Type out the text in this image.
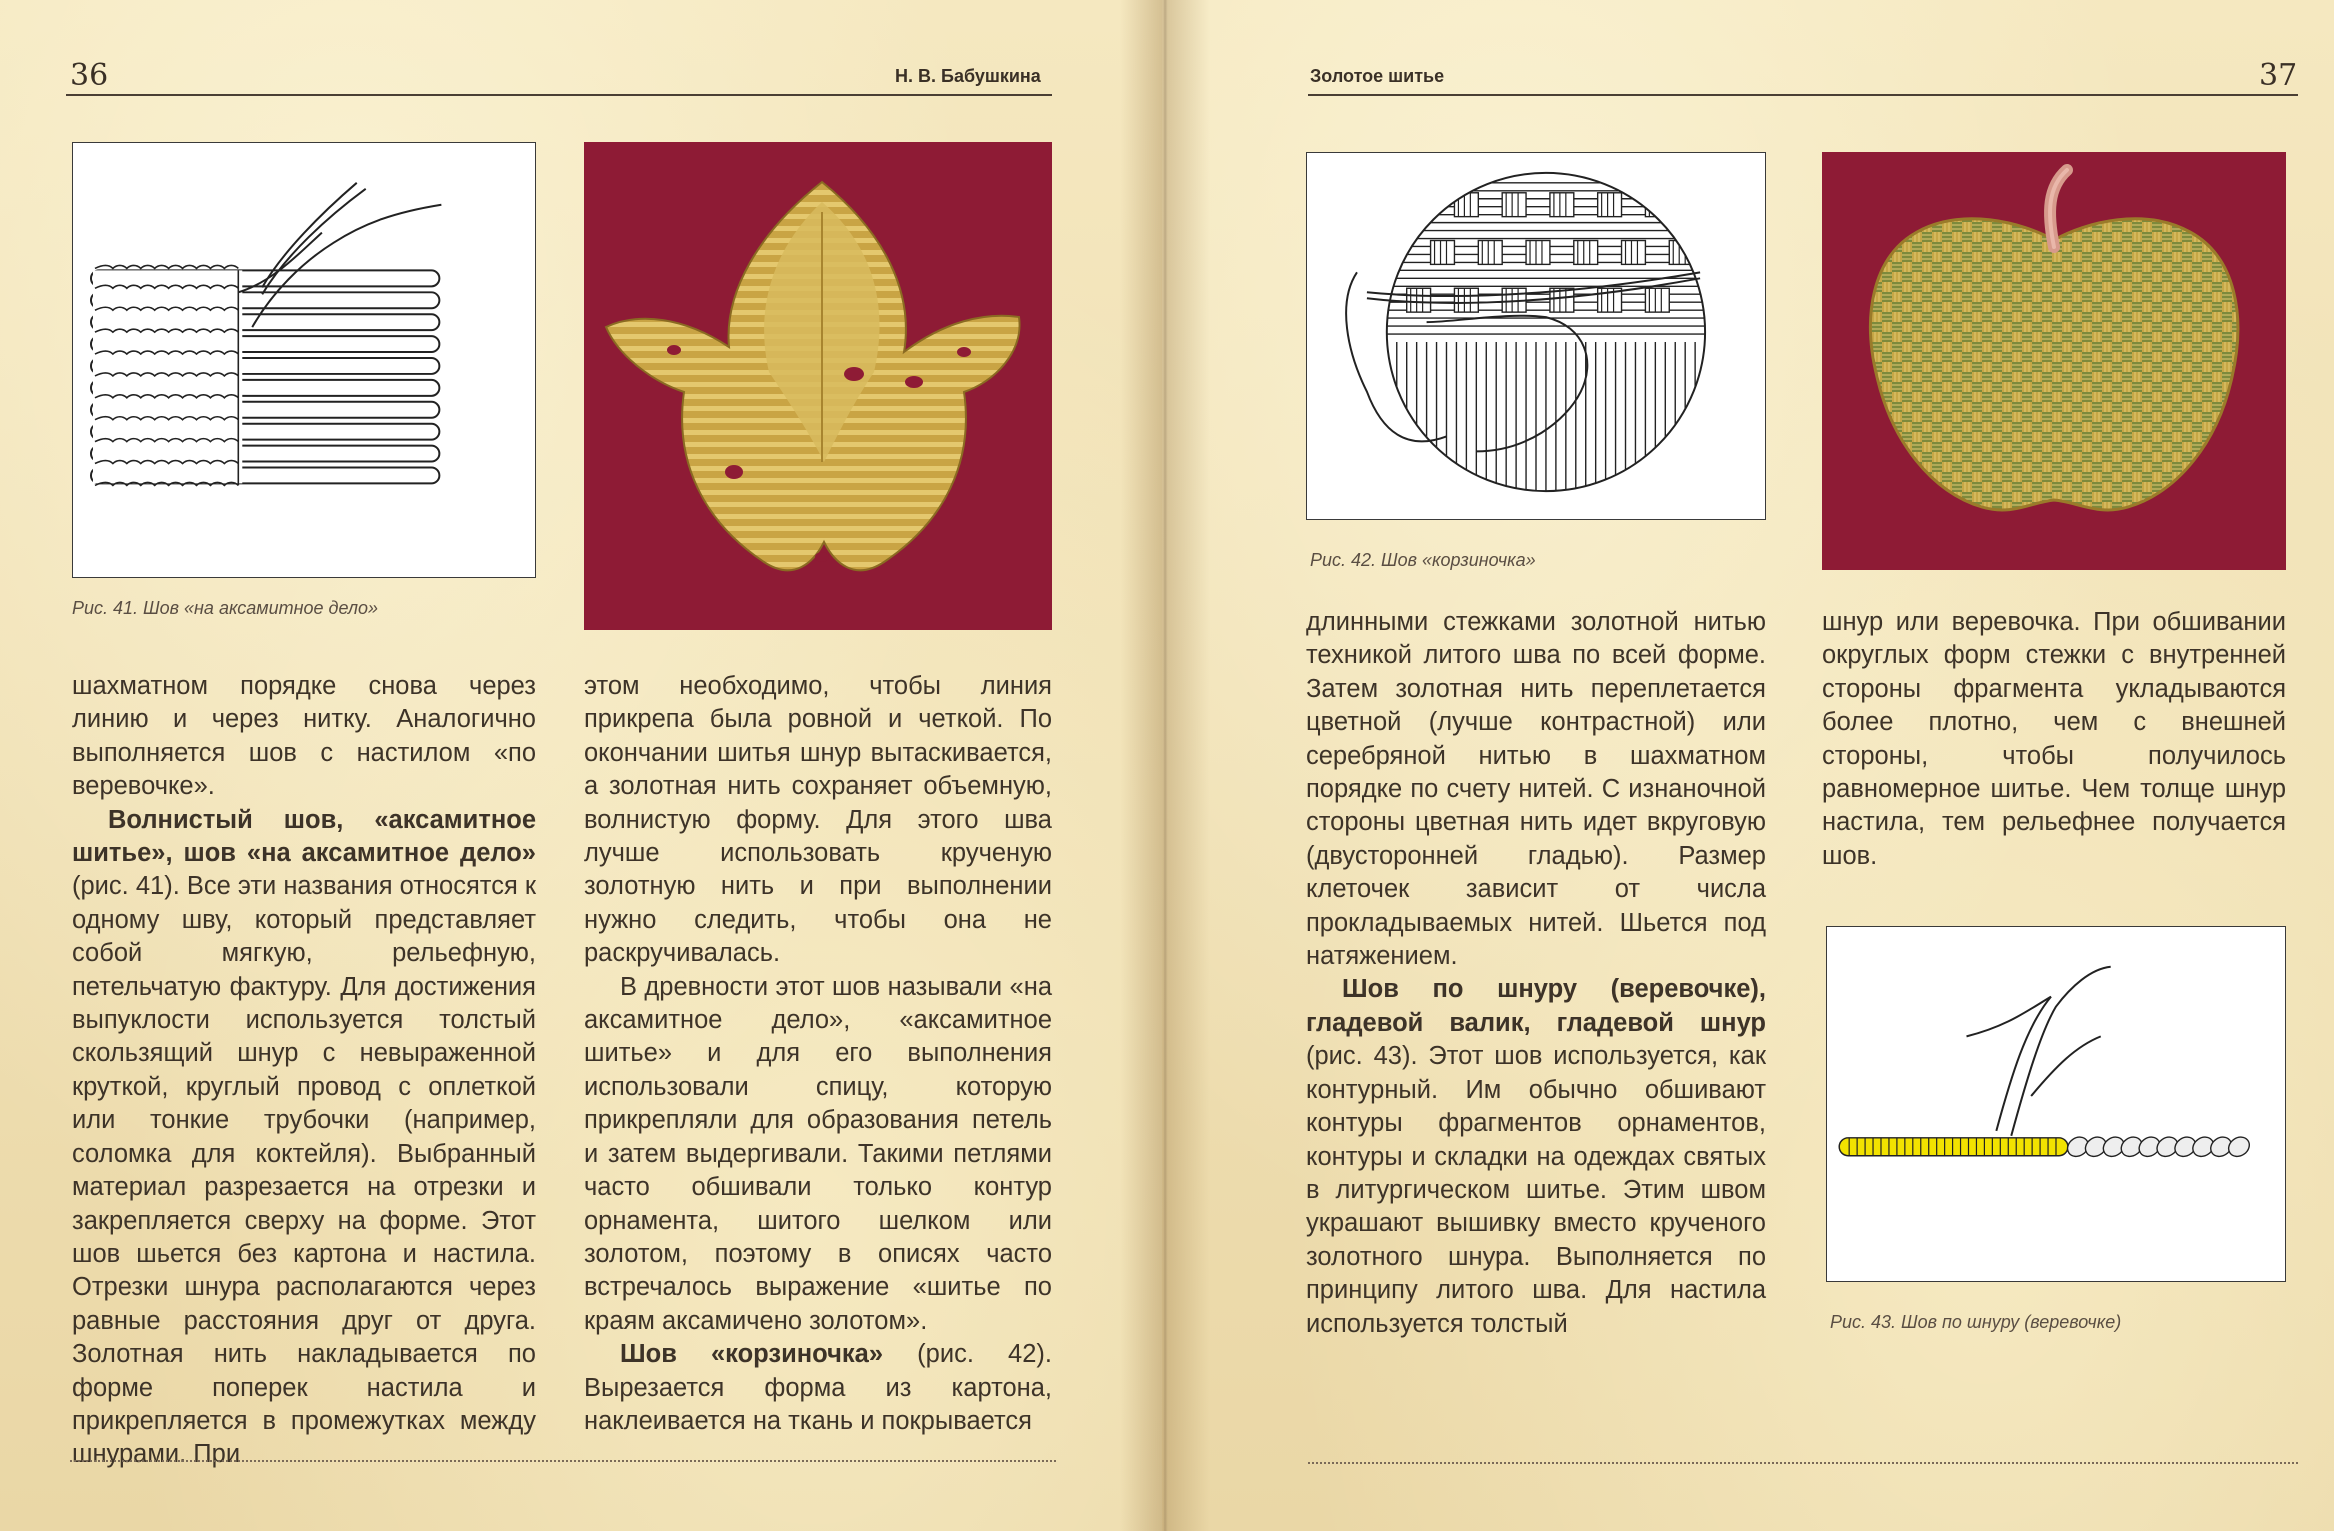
36	Н. В. Бабушкина
Рис. 41. Шов «на аксамитное дело»

шахматном порядке снова через линию и через нитку. Аналогично выполняется шов с настилом «по веревочке».

Волнистый шов, «аксамитное шитье», шов «на аксамитное дело» (рис. 41). Все эти названия относятся к одному шву, который представляет собой мягкую, рельефную, петельчатую фактуру. Для достижения выпуклости используется толстый скользящий шнур с невыраженной круткой, круглый провод с оплеткой или тонкие трубочки (например, соломка для коктейля). Выбранный материал разрезается на отрезки и закрепляется сверху на форме. Этот шов шьется без картона и настила. Отрезки шнура располагаются через равные расстояния друг от друга. Золотная нить накладывается по форме поперек настила и прикрепляется в промежутках между шнурами. При

этом необходимо, чтобы линия прикрепа была ровной и четкой. По окончании шитья шнур вытаскивается, а золотная нить сохраняет объемную, волнистую форму. Для этого шва лучше использовать крученую золотную нить и при выполнении нужно следить, чтобы она не раскручивалась.

В древности этот шов называли «на аксамитное дело», «аксамитное шитье» и для его выполнения использовали спицу, которую прикрепляли для образования петель и затем выдергивали. Такими петлями часто обшивали только контур орнамента, шитого шелком или золотом, поэтому в описях часто встречалось выражение «шитье по краям аксамичено золотом».

Шов «корзиночка» (рис. 42). Вырезается форма из картона, наклеивается на ткань и покрывается

Золотое шитье	37
Рис. 42. Шов «корзиночка»

длинными стежками золотной нитью техникой литого шва по всей форме. Затем золотная нить переплетается цветной (лучше контрастной) или серебряной нитью в шахматном порядке по счету нитей. С изнаночной стороны цветная нить идет вкруговую (двусторонней гладью). Размер клеточек зависит от числа прокладываемых нитей. Шьется под натяжением.

Шов по шнуру (веревочке), гладевой валик, гладевой шнур (рис. 43). Этот шов используется, как контурный. Им обычно обшивают контуры фрагментов орнаментов, контуры и складки на одеждах святых в литургическом шитье. Этим швом украшают вышивку вместо крученого золотного шнура. Выполняется по принципу литого шва. Для настила используется толстый

шнур или веревочка. При обшивании округлых форм стежки с внутренней стороны фрагмента укладываются более плотно, чем с внешней стороны, чтобы получилось равномерное шитье. Чем толще шнур настила, тем рельефнее получается шов.

Рис. 43. Шов по шнуру (веревочке)
